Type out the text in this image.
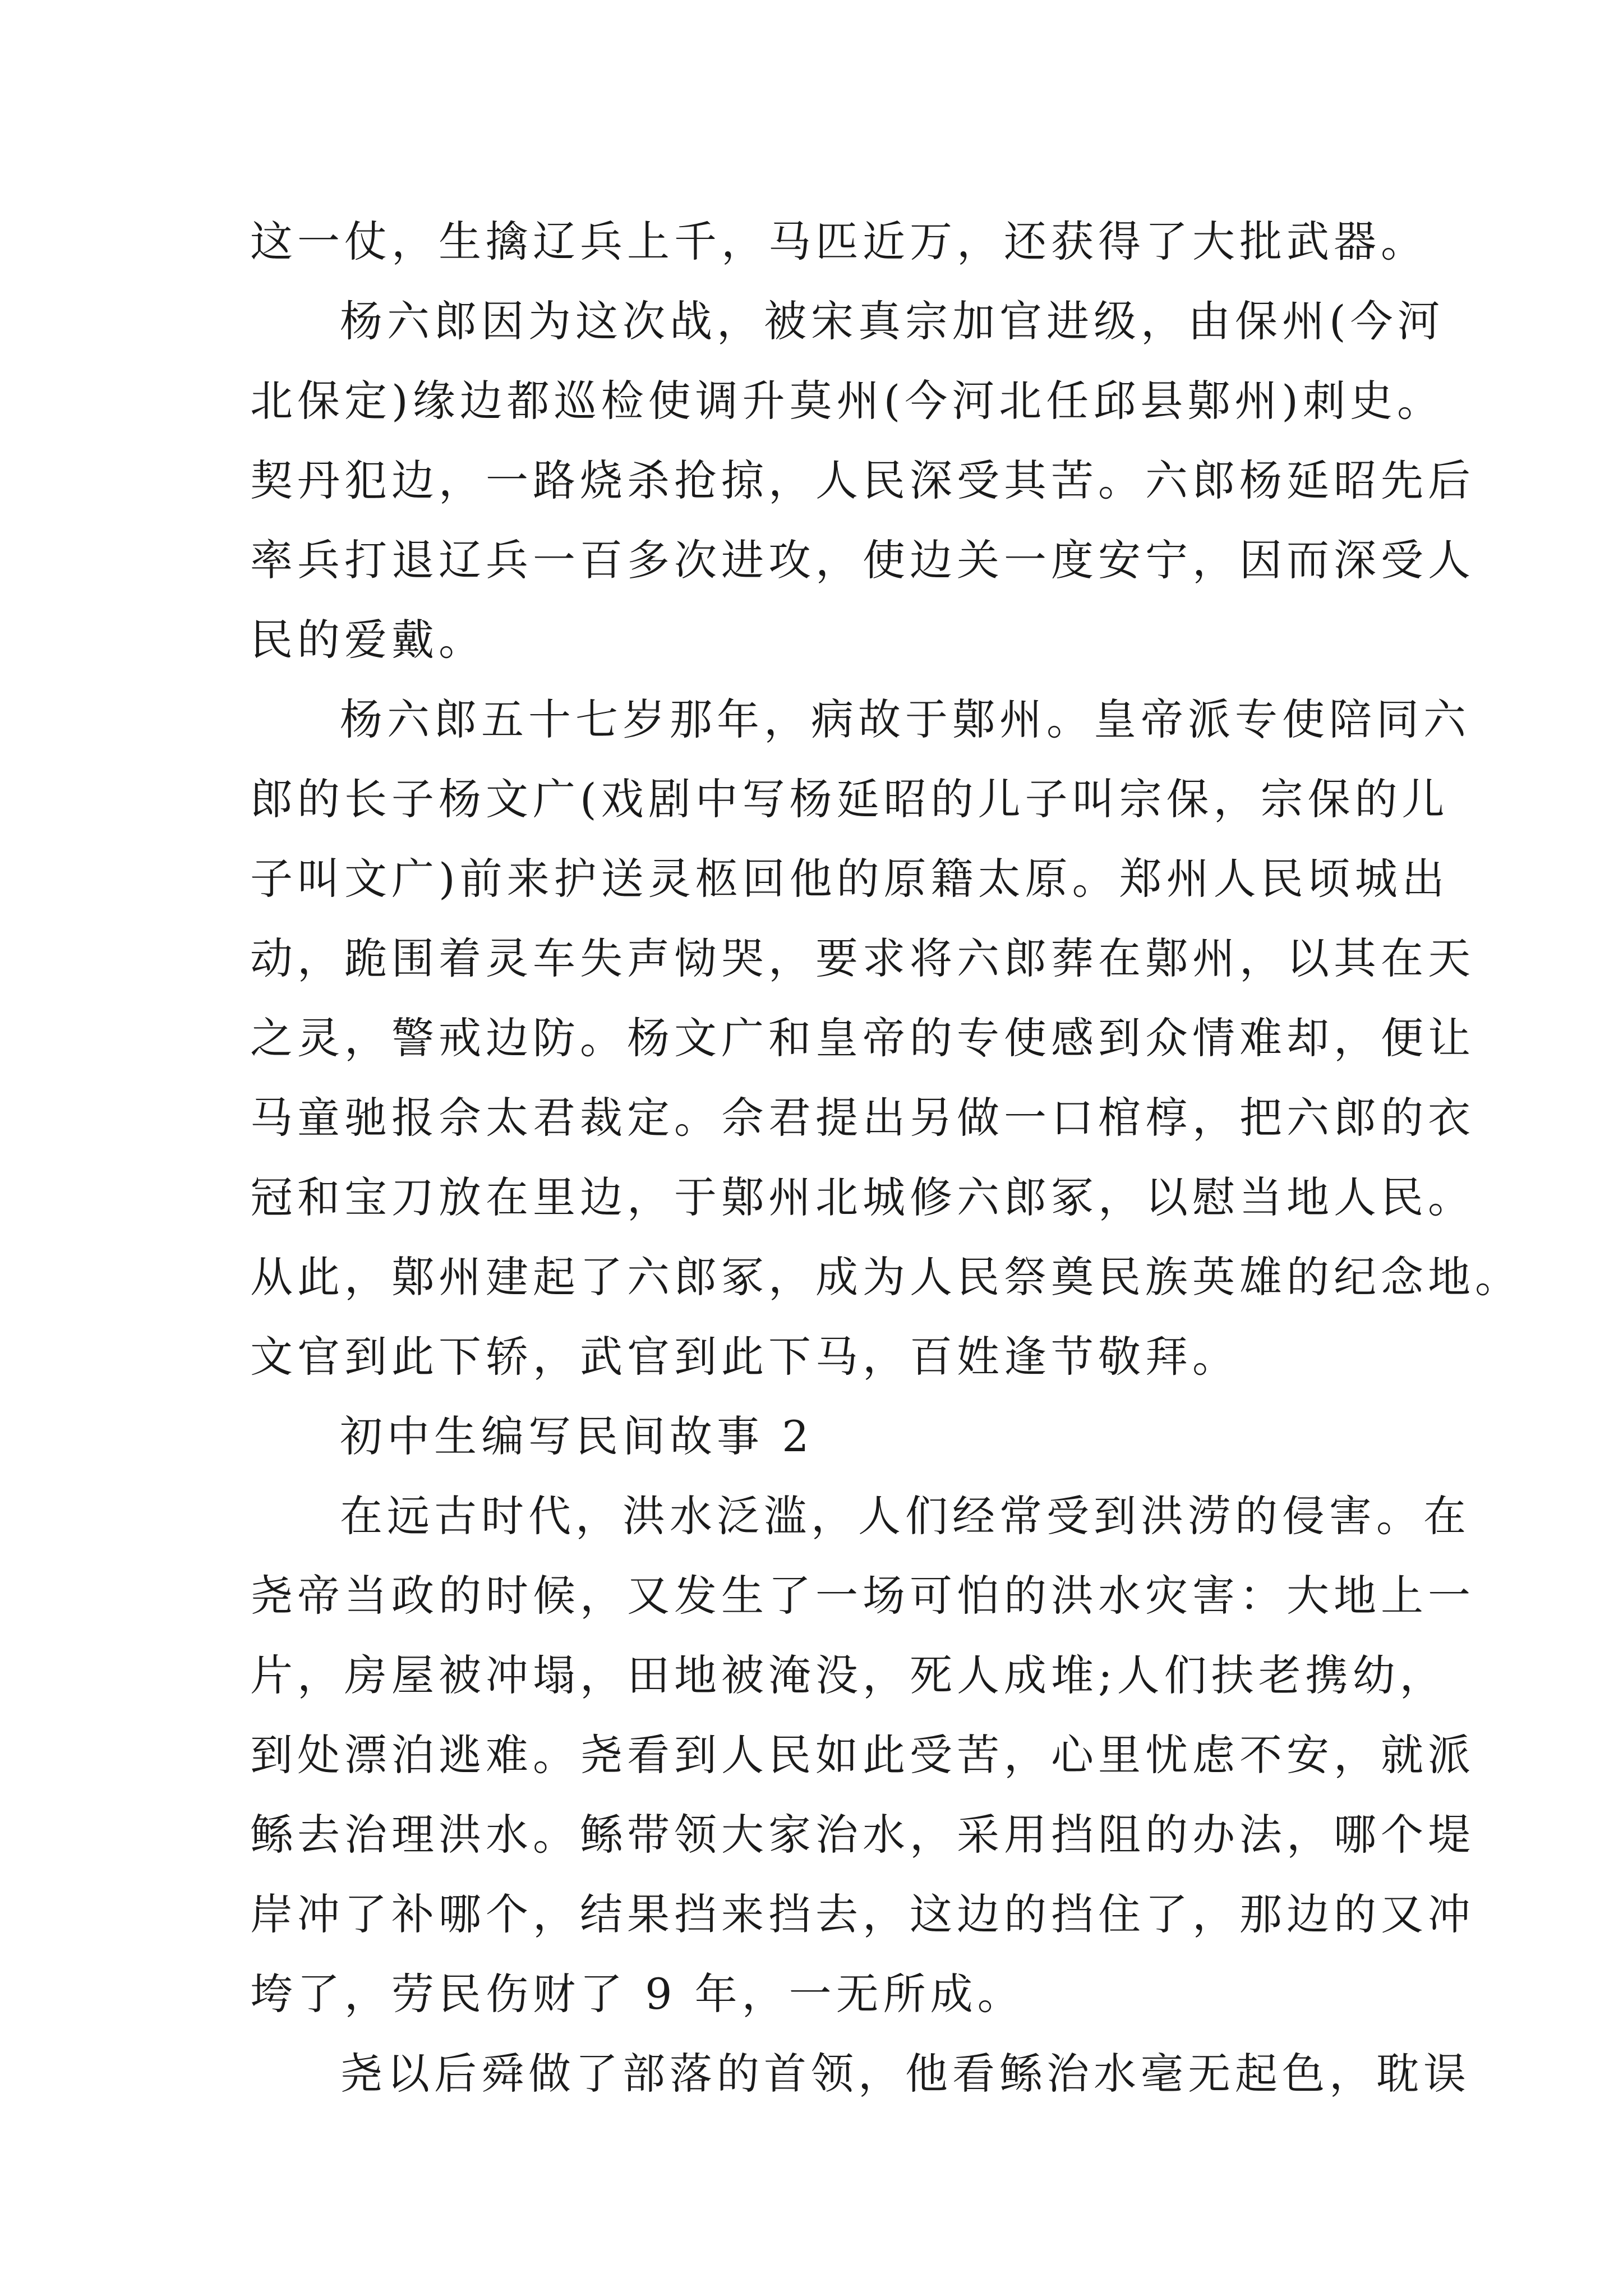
这一仗，生擒辽兵上千，马匹近万，还获得了大批武器。
杨六郎因为这次战，被宋真宗加官进级，由保州(今河
北保定)缘边都巡检使调升莫州(今河北任邱县鄚州)刺史。
契丹犯边，一路烧杀抢掠，人民深受其苦。六郎杨延昭先后
率兵打退辽兵一百多次进攻，使边关一度安宁，因而深受人
民的爱戴。
杨六郎五十七岁那年，病故于鄚州。皇帝派专使陪同六
郎的长子杨文广(戏剧中写杨延昭的儿子叫宗保，宗保的儿
子叫文广)前来护送灵柩回他的原籍太原。郑州人民顷城出
动，跪围着灵车失声恸哭，要求将六郎葬在鄚州，以其在天
之灵，警戒边防。杨文广和皇帝的专使感到众情难却，便让
马童驰报佘太君裁定。佘君提出另做一口棺椁，把六郎的衣
冠和宝刀放在里边，于鄚州北城修六郎冢，以慰当地人民。
从此，鄚州建起了六郎冢，成为人民祭奠民族英雄的纪念地。
文官到此下轿，武官到此下马，百姓逢节敬拜。
初中生编写民间故事 2
在远古时代，洪水泛滥，人们经常受到洪涝的侵害。在
尧帝当政的时候，又发生了一场可怕的洪水灾害：大地上一
片，房屋被冲塌，田地被淹没，死人成堆;人们扶老携幼，
到处漂泊逃难。尧看到人民如此受苦，心里忧虑不安，就派
鲧去治理洪水。鲧带领大家治水，采用挡阻的办法，哪个堤
岸冲了补哪个，结果挡来挡去，这边的挡住了，那边的又冲
垮了，劳民伤财了 9 年，一无所成。
尧以后舜做了部落的首领，他看鲧治水毫无起色，耽误
